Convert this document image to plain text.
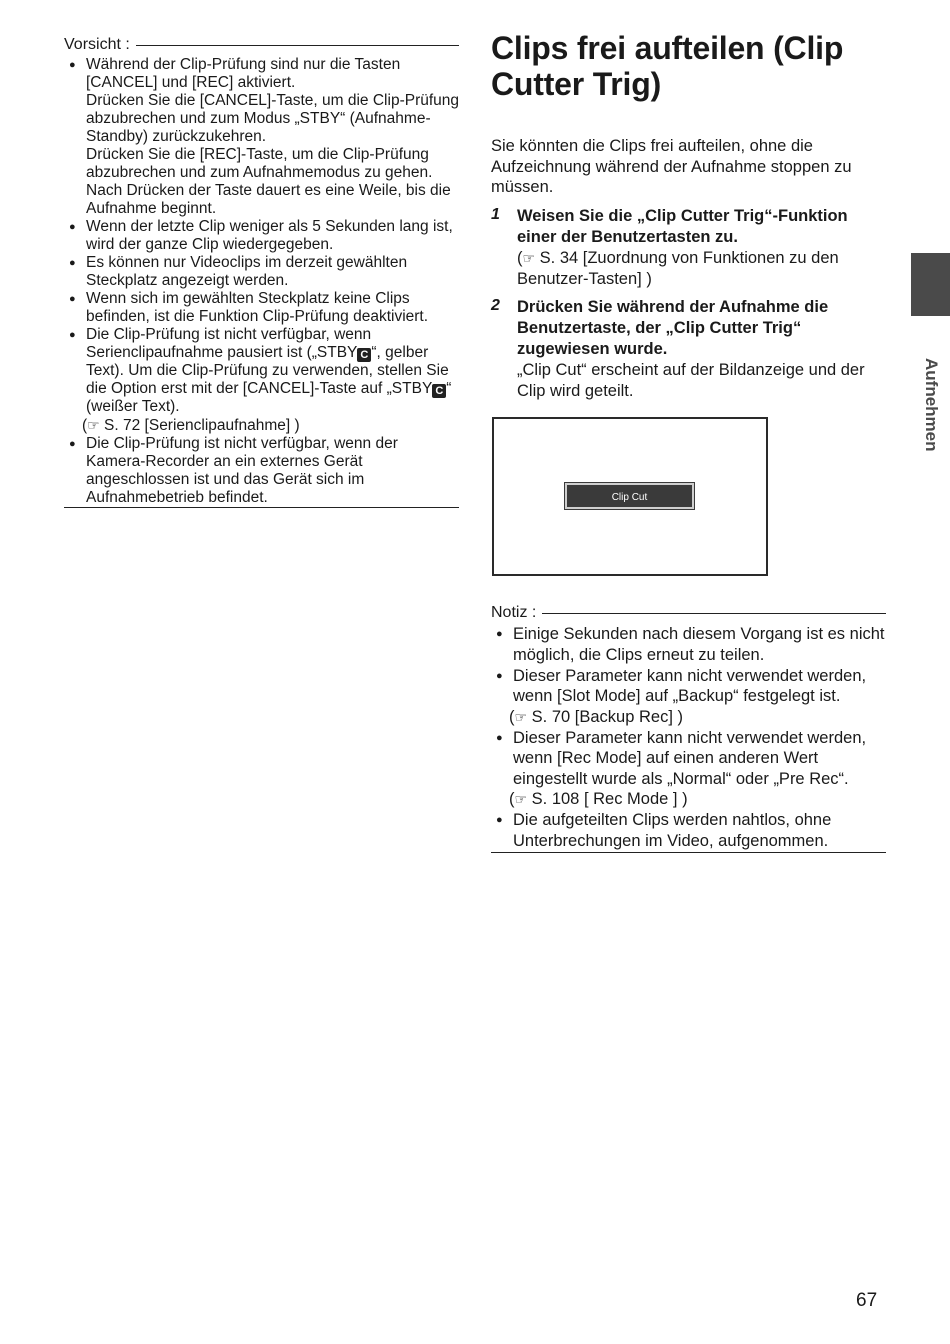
Vorsicht :
● Während der Clip-Prüfung sind nur die Tasten [CANCEL] und [REC] aktiviert.
Drücken Sie die [CANCEL]-Taste, um die Clip-Prüfung abzubrechen und zum Modus „STBY“ (Aufnahme-Standby) zurückzukehren.
Drücken Sie die [REC]-Taste, um die Clip-Prüfung abzubrechen und zum Aufnahmemodus zu gehen. Nach Drücken der Taste dauert es eine Weile, bis die Aufnahme beginnt.
● Wenn der letzte Clip weniger als 5 Sekunden lang ist, wird der ganze Clip wiedergegeben.
● Es können nur Videoclips im derzeit gewählten Steckplatz angezeigt werden.
● Wenn sich im gewählten Steckplatz keine Clips befinden, ist die Funktion Clip-Prüfung deaktiviert.
● Die Clip-Prüfung ist nicht verfügbar, wenn Serienclipaufnahme pausiert ist („STBY C “, gelber Text). Um die Clip-Prüfung zu verwenden, stellen Sie die Option erst mit der [CANCEL]-Taste auf „STBY C “ (weißer Text).
(☞ S. 72 [Serienclipaufnahme] )
● Die Clip-Prüfung ist nicht verfügbar, wenn der Kamera-Recorder an ein externes Gerät angeschlossen ist und das Gerät sich im Aufnahmebetrieb befindet.
Clips frei aufteilen (Clip Cutter Trig)

Sie könnten die Clips frei aufteilen, ohne die Aufzeichnung während der Aufnahme stoppen zu müssen.

1 Weisen Sie die „Clip Cutter Trig“-Funktion einer der Benutzertasten zu.
(☞ S. 34 [Zuordnung von Funktionen zu den Benutzer-Tasten] )
2 Drücken Sie während der Aufnahme die Benutzertaste, der „Clip Cutter Trig“ zugewiesen wurde.
„Clip Cut“ erscheint auf der Bildanzeige und der Clip wird geteilt.
Clip Cut
Notiz :
● Einige Sekunden nach diesem Vorgang ist es nicht möglich, die Clips erneut zu teilen.
● Dieser Parameter kann nicht verwendet werden, wenn [Slot Mode] auf „Backup“ festgelegt ist.
(☞ S. 70 [Backup Rec] )
● Dieser Parameter kann nicht verwendet werden, wenn [Rec Mode] auf einen anderen Wert eingestellt wurde als „Normal“ oder „Pre Rec“.
(☞ S. 108 [ Rec Mode ] )
● Die aufgeteilten Clips werden nahtlos, ohne Unterbrechungen im Video, aufgenommen.
Aufnehmen
67
